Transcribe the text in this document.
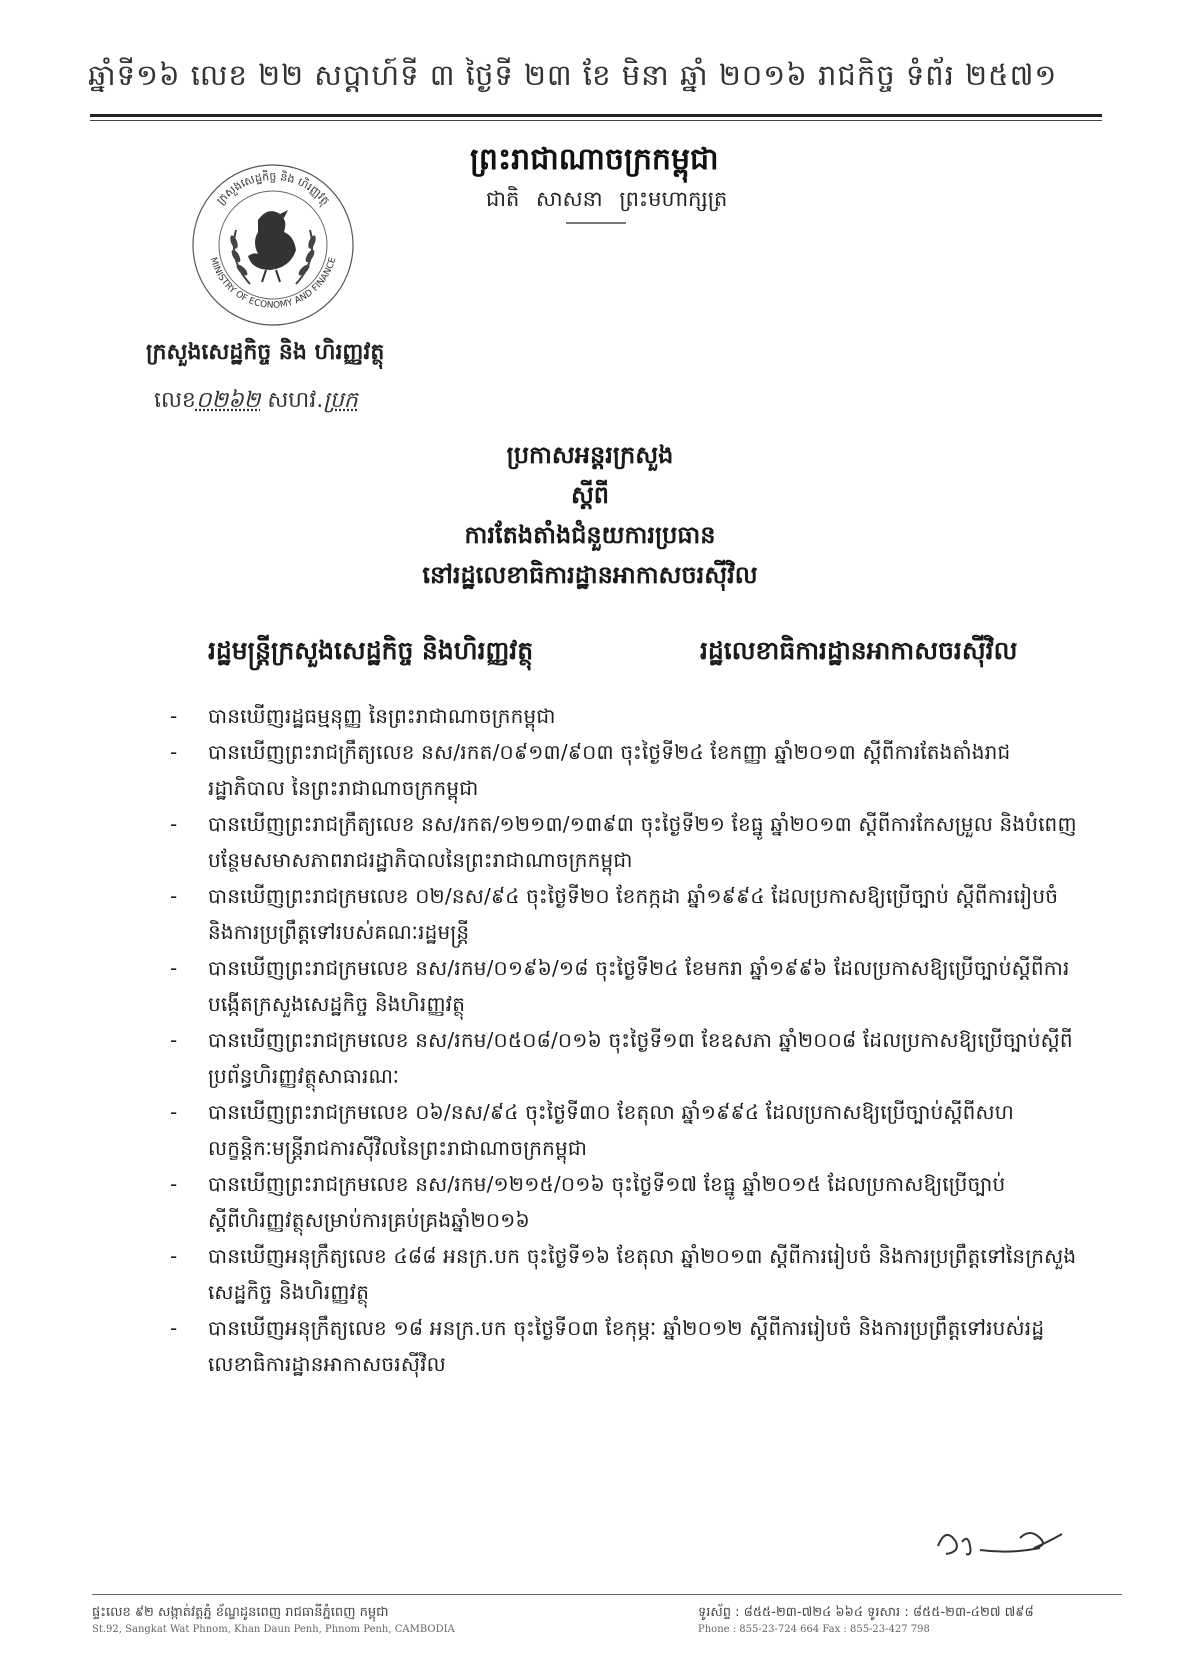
ឆ្នាំទី១៦ លេខ ២២ សប្ដាហ៍ទី ៣ ថ្ងៃទី ២៣ ខែ មិនា ឆ្នាំ ២០១៦ រាជកិច្ច ទំព័រ ២៥៧១
ព្រះរាជាណាចក្រកម្ពុជា
ជាតិ សាសនា ព្រះមហាក្សត្រ
ក្រសួងសេដ្ឋកិច្ច និង ហិរញ្ញវត្ថុ
MINISTRY OF ECONOMY AND FINANCE
ក្រសួងសេដ្ឋកិច្ច និង ហិរញ្ញវត្ថុ
លេខ០២៦២ សហវ.ប្រក
ប្រកាសអន្តរក្រសួង
ស្ដីពី
ការតែងតាំងជំនួយការប្រធាន
នៅរដ្ឋលេខាធិការដ្ឋានអាកាសចរស៊ីវិល
រដ្ឋមន្ត្រីក្រសួងសេដ្ឋកិច្ច និងហិរញ្ញវត្ថុ	រដ្ឋលេខាធិការដ្ឋានអាកាសចរស៊ីវិល
- បានឃើញរដ្ឋធម្មនុញ្ញ នៃព្រះរាជាណាចក្រកម្ពុជា
- បានឃើញព្រះរាជក្រឹត្យលេខ នស/រកត/០៩១៣/៩០៣ ចុះថ្ងៃទី២៤ ខែកញ្ញា ឆ្នាំ២០១៣ ស្ដីពីការតែងតាំងរាជរដ្ឋាភិបាល នៃព្រះរាជាណាចក្រកម្ពុជា
- បានឃើញព្រះរាជក្រឹត្យលេខ នស/រកត/១២១៣/១៣៩៣ ចុះថ្ងៃទី២១ ខែធ្នូ ឆ្នាំ២០១៣ ស្ដីពីការកែសម្រួល និងបំពេញបន្ថែមសមាសភាពរាជរដ្ឋាភិបាលនៃព្រះរាជាណាចក្រកម្ពុជា
- បានឃើញព្រះរាជក្រមលេខ ០២/នស/៩៤ ចុះថ្ងៃទី២០ ខែកក្កដា ឆ្នាំ១៩៩៤ ដែលប្រកាសឱ្យប្រើច្បាប់ ស្ដីពីការរៀបចំ និងការប្រព្រឹត្តទៅរបស់គណៈរដ្ឋមន្ត្រី
- បានឃើញព្រះរាជក្រមលេខ នស/រកម/០១៩៦/១៨ ចុះថ្ងៃទី២៤ ខែមករា ឆ្នាំ១៩៩៦ ដែលប្រកាសឱ្យប្រើច្បាប់ស្ដីពីការបង្កើតក្រសួងសេដ្ឋកិច្ច និងហិរញ្ញវត្ថុ
- បានឃើញព្រះរាជក្រមលេខ នស/រកម/០៥០៨/០១៦ ចុះថ្ងៃទី១៣ ខែឧសភា ឆ្នាំ២០០៨ ដែលប្រកាសឱ្យប្រើច្បាប់ស្ដីពីប្រព័ន្ធហិរញ្ញវត្ថុសាធារណៈ
- បានឃើញព្រះរាជក្រមលេខ ០៦/នស/៩៤ ចុះថ្ងៃទី៣០ ខែតុលា ឆ្នាំ១៩៩៤ ដែលប្រកាសឱ្យប្រើច្បាប់ស្ដីពីសហលក្ខន្តិកៈមន្ត្រីរាជការស៊ីវិលនៃព្រះរាជាណាចក្រកម្ពុជា
- បានឃើញព្រះរាជក្រមលេខ នស/រកម/១២១៥/០១៦ ចុះថ្ងៃទី១៧ ខែធ្នូ ឆ្នាំ២០១៥ ដែលប្រកាសឱ្យប្រើច្បាប់ស្ដីពីហិរញ្ញវត្ថុសម្រាប់ការគ្រប់គ្រងឆ្នាំ២០១៦
- បានឃើញអនុក្រឹត្យលេខ ៤៨៨ អនក្រ.បក ចុះថ្ងៃទី១៦ ខែតុលា ឆ្នាំ២០១៣ ស្ដីពីការរៀបចំ និងការប្រព្រឹត្តទៅនៃក្រសួងសេដ្ឋកិច្ច និងហិរញ្ញវត្ថុ
- បានឃើញអនុក្រឹត្យលេខ ១៨ អនក្រ.បក ចុះថ្ងៃទី០៣ ខែកុម្ភៈ ឆ្នាំ២០១២ ស្ដីពីការរៀបចំ និងការប្រព្រឹត្តទៅរបស់រដ្ឋលេខាធិការដ្ឋានអាកាសចរស៊ីវិល
ផ្ទះលេខ ៩២ សង្កាត់វត្តភ្នំ ខ័ណ្ឌដូនពេញ រាជធានីភ្នំពេញ កម្ពុជា
St.92, Sangkat Wat Phnom, Khan Daun Penh, Phnom Penh, CAMBODIA
ទូរស័ព្ទ : ៨៥៥-២៣-៧២៤ ៦៦៤ ទូរសារ : ៨៥៥-២៣-៤២៧ ៧៩៨
Phone : 855-23-724 664 Fax : 855-23-427 798
